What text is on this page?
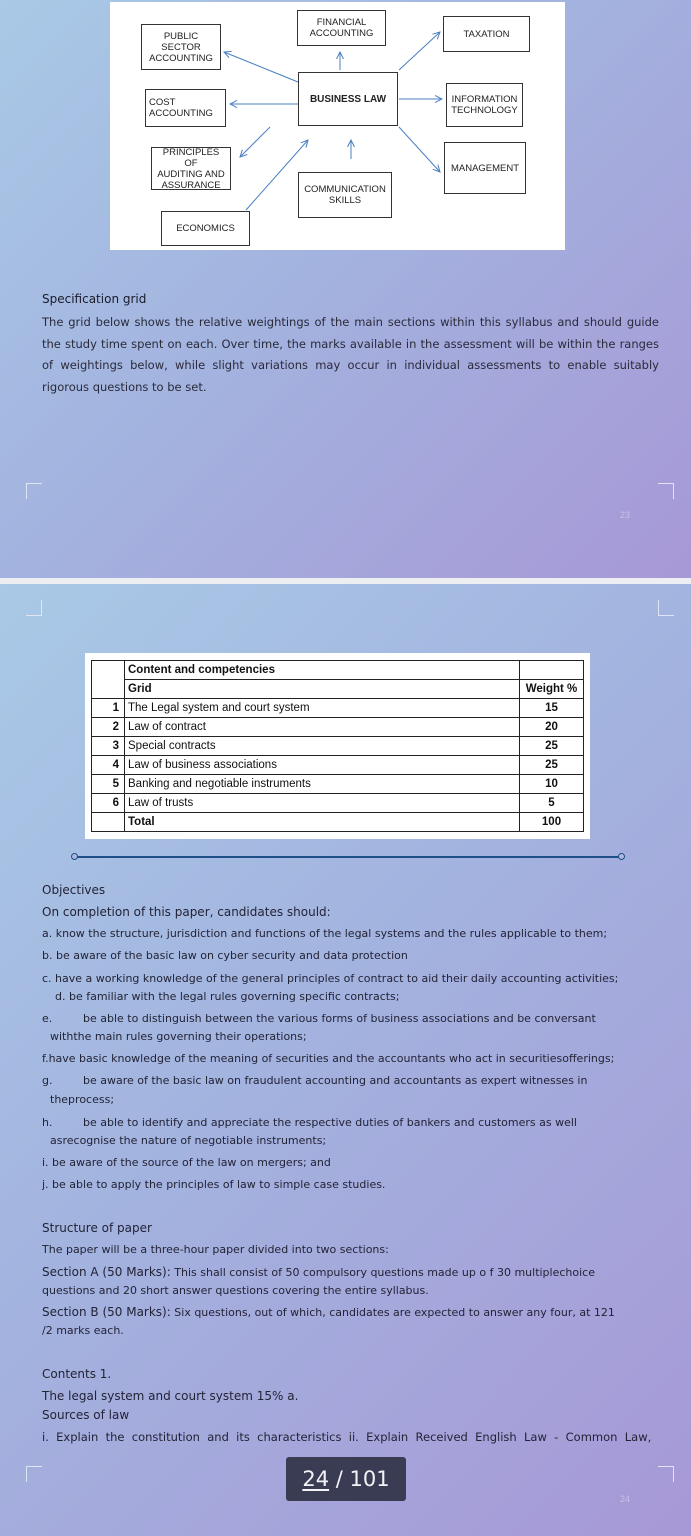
PUBLIC
SECTOR
ACCOUNTING
FINANCIAL
ACCOUNTING	TAXATION
COST
ACCOUNTING
BUSINESS LAW	INFORMATION
TECHNOLOGY
PRINCIPLES OF
AUDITING AND
ASSURANCE
MANAGEMENT
COMMUNICATION
SKILLS
ECONOMICS
Specification grid
The grid below shows the relative weightings of the main sections within this syllabus and should guide the study time spent on each. Over time, the marks available in the assessment will be within the ranges of weightings below, while slight variations may occur in individual assessments to enable suitably rigorous questions to be set.
23
	Content and competencies	
	Grid	Weight %
1	The Legal system and court system	15
2	Law of contract	20
3	Special contracts	25
4	Law of business associations	25
5	Banking and negotiable instruments	10
6	Law of trusts	5
	Total	100
Objectives
On completion of this paper, candidates should:
a. know the structure, jurisdiction and functions of the legal systems and the rules applicable to them;
b. be aware of the basic law on cyber security and data protection
c. have a working knowledge of the general principles of contract to aid their daily accounting activities;
d. be familiar with the legal rules governing specific contracts;
e.	be able to distinguish between the various forms of business associations and be conversant
withthe main rules governing their operations;
f.have basic knowledge of the meaning of securities and the accountants who act in securitiesofferings;
g.	be aware of the basic law on fraudulent accounting and accountants as expert witnesses in
theprocess;
h.	be able to identify and appreciate the respective duties of bankers and customers as well
asrecognise the nature of negotiable instruments;
i. be aware of the source of the law on mergers; and
j. be able to apply the principles of law to simple case studies.
Structure of paper
The paper will be a three-hour paper divided into two sections:
Section A (50 Marks): This shall consist of 50 compulsory questions made up o f 30 multiplechoice
questions and 20 short answer questions covering the entire syllabus.
Section B (50 Marks): Six questions, out of which, candidates are expected to answer any four, at 121
/2 marks each.
Contents 1.
The legal system and court system 15% a.
Sources of law
i.  Explain  the  constitution  and  its  characteristics  ii.  Explain  Received  English  Law  -  Common  Law,
24
24 / 101
